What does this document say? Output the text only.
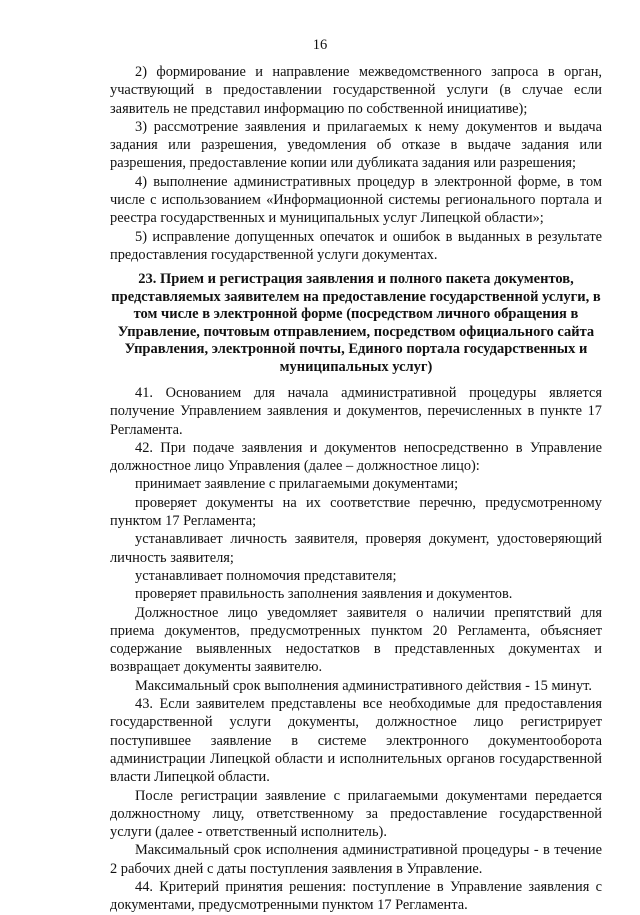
16

2) формирование и направление межведомственного запроса в орган, участвующий в предоставлении государственной услуги (в случае если заявитель не представил информацию по собственной инициативе);

3) рассмотрение заявления и прилагаемых к нему документов и выдача задания или разрешения, уведомления об отказе в выдаче задания или разрешения, предоставление копии или дубликата задания или разрешения;

4) выполнение административных процедур в электронной форме, в том числе с использованием «Информационной системы регионального портала и реестра государственных и муниципальных услуг Липецкой области»;

5) исправление допущенных опечаток и ошибок в выданных в результате предоставления государственной услуги документах.

23. Прием и регистрация заявления и полного пакета документов,
представляемых заявителем на предоставление государственной услуги, в
том числе в электронной форме (посредством личного обращения в
Управление, почтовым отправлением, посредством официального сайта
Управления, электронной почты, Единого портала государственных и
муниципальных услуг)

41. Основанием для начала административной процедуры является получение Управлением заявления и документов, перечисленных в пункте 17 Регламента.

42. При подаче заявления и документов непосредственно в Управление должностное лицо Управления (далее – должностное лицо):

принимает заявление с прилагаемыми документами;

проверяет документы на их соответствие перечню, предусмотренному пунктом 17 Регламента;

устанавливает личность заявителя, проверяя документ, удостоверяющий личность заявителя;

устанавливает полномочия представителя;

проверяет правильность заполнения заявления и документов.

Должностное лицо уведомляет заявителя о наличии препятствий для приема документов, предусмотренных пунктом 20 Регламента, объясняет содержание выявленных недостатков в представленных документах и возвращает документы заявителю.

Максимальный срок выполнения административного действия - 15 минут.

43. Если заявителем представлены все необходимые для предоставления государственной услуги документы, должностное лицо регистрирует поступившее заявление в системе электронного документооборота администрации Липецкой области и исполнительных органов государственной власти Липецкой области.

После регистрации заявление с прилагаемыми документами передается должностному лицу, ответственному за предоставление государственной услуги (далее - ответственный исполнитель).

Максимальный срок исполнения административной процедуры - в течение 2 рабочих дней с даты поступления заявления в Управление.

44. Критерий принятия решения: поступление в Управление заявления с документами, предусмотренными пунктом 17 Регламента.
